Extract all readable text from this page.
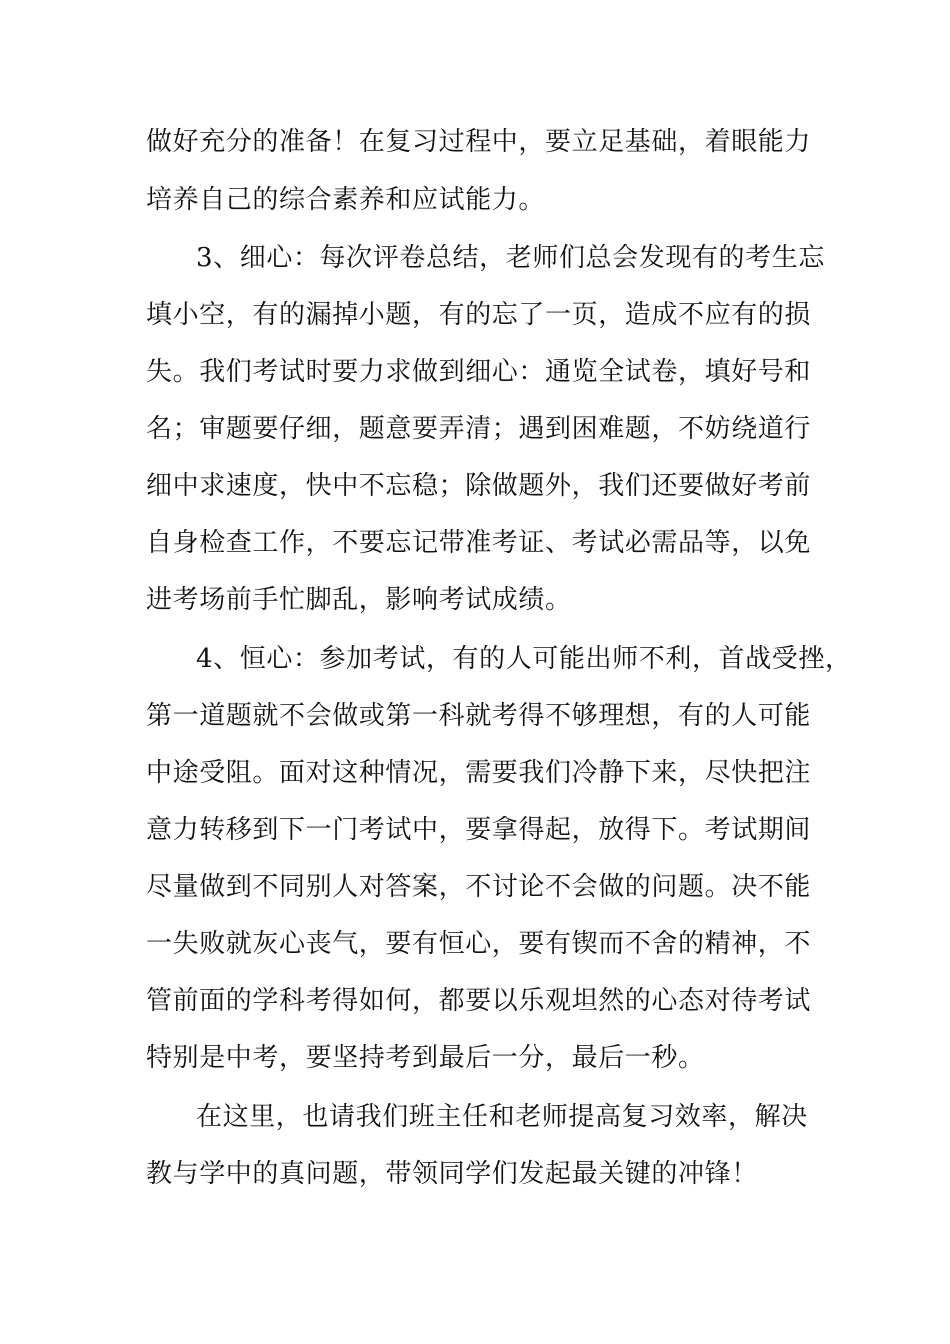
做好充分的准备！在复习过程中，要立足基础，着眼能力
培养自己的综合素养和应试能力。
3、细心：每次评卷总结，老师们总会发现有的考生忘
填小空，有的漏掉小题，有的忘了一页，造成不应有的损
失。我们考试时要力求做到细心：通览全试卷，填好号和
名；审题要仔细，题意要弄清；遇到困难题，不妨绕道行
细中求速度，快中不忘稳；除做题外，我们还要做好考前
自身检查工作，不要忘记带准考证、考试必需品等，以免
进考场前手忙脚乱，影响考试成绩。
4、恒心：参加考试，有的人可能出师不利，首战受挫，
第一道题就不会做或第一科就考得不够理想，有的人可能
中途受阻。面对这种情况，需要我们冷静下来，尽快把注
意力转移到下一门考试中，要拿得起，放得下。考试期间
尽量做到不同别人对答案，不讨论不会做的问题。决不能
一失败就灰心丧气，要有恒心，要有锲而不舍的精神，不
管前面的学科考得如何，都要以乐观坦然的心态对待考试
特别是中考，要坚持考到最后一分，最后一秒。
在这里，也请我们班主任和老师提高复习效率，解决
教与学中的真问题，带领同学们发起最关键的冲锋！
